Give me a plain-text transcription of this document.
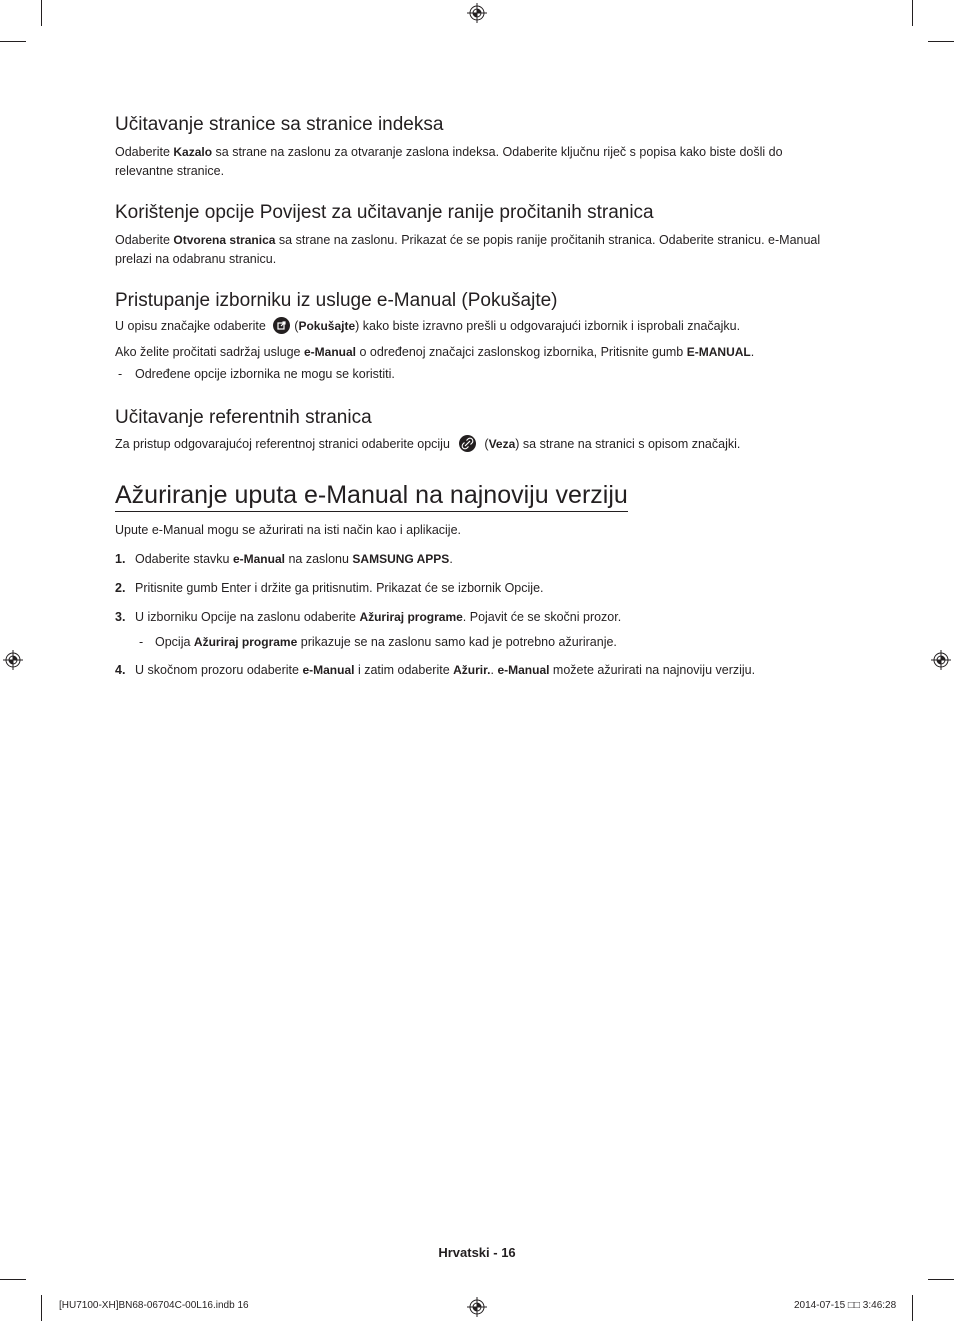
Učitavanje stranice sa stranice indeksa
Odaberite Kazalo sa strane na zaslonu za otvaranje zaslona indeksa. Odaberite ključnu riječ s popisa kako biste došli do relevantne stranice.
Korištenje opcije Povijest za učitavanje ranije pročitanih stranica
Odaberite Otvorena stranica sa strane na zaslonu. Prikazat će se popis ranije pročitanih stranica. Odaberite stranicu. e-Manual prelazi na odabranu stranicu.
Pristupanje izborniku iz usluge e-Manual (Pokušajte)
U opisu značajke odaberite
(Pokušajte) kako biste izravno prešli u odgovarajući izbornik i isprobali značajku.
Ako želite pročitati sadržaj usluge e-Manual o određenoj značajci zaslonskog izbornika, Pritisnite gumb E-MANUAL.
- Određene opcije izbornika ne mogu se koristiti.
Učitavanje referentnih stranica
Za pristup odgovarajućoj referentnoj stranici odaberite opciju
(Veza) sa strane na stranici s opisom značajki.
Ažuriranje uputa e-Manual na najnoviju verziju
Upute e-Manual mogu se ažurirati na isti način kao i aplikacije.
1. Odaberite stavku e-Manual na zaslonu SAMSUNG APPS.
2. Pritisnite gumb Enter i držite ga pritisnutim. Prikazat će se izbornik Opcije.
3. U izborniku Opcije na zaslonu odaberite Ažuriraj programe. Pojavit će se skočni prozor.
- Opcija Ažuriraj programe prikazuje se na zaslonu samo kad je potrebno ažuriranje.
4. U skočnom prozoru odaberite e-Manual i zatim odaberite Ažurir.. e-Manual možete ažurirati na najnoviju verziju.
Hrvatski - 16
[HU7100-XH]BN68-06704C-00L16.indb 16	2014-07-15 □□ 3:46:28
